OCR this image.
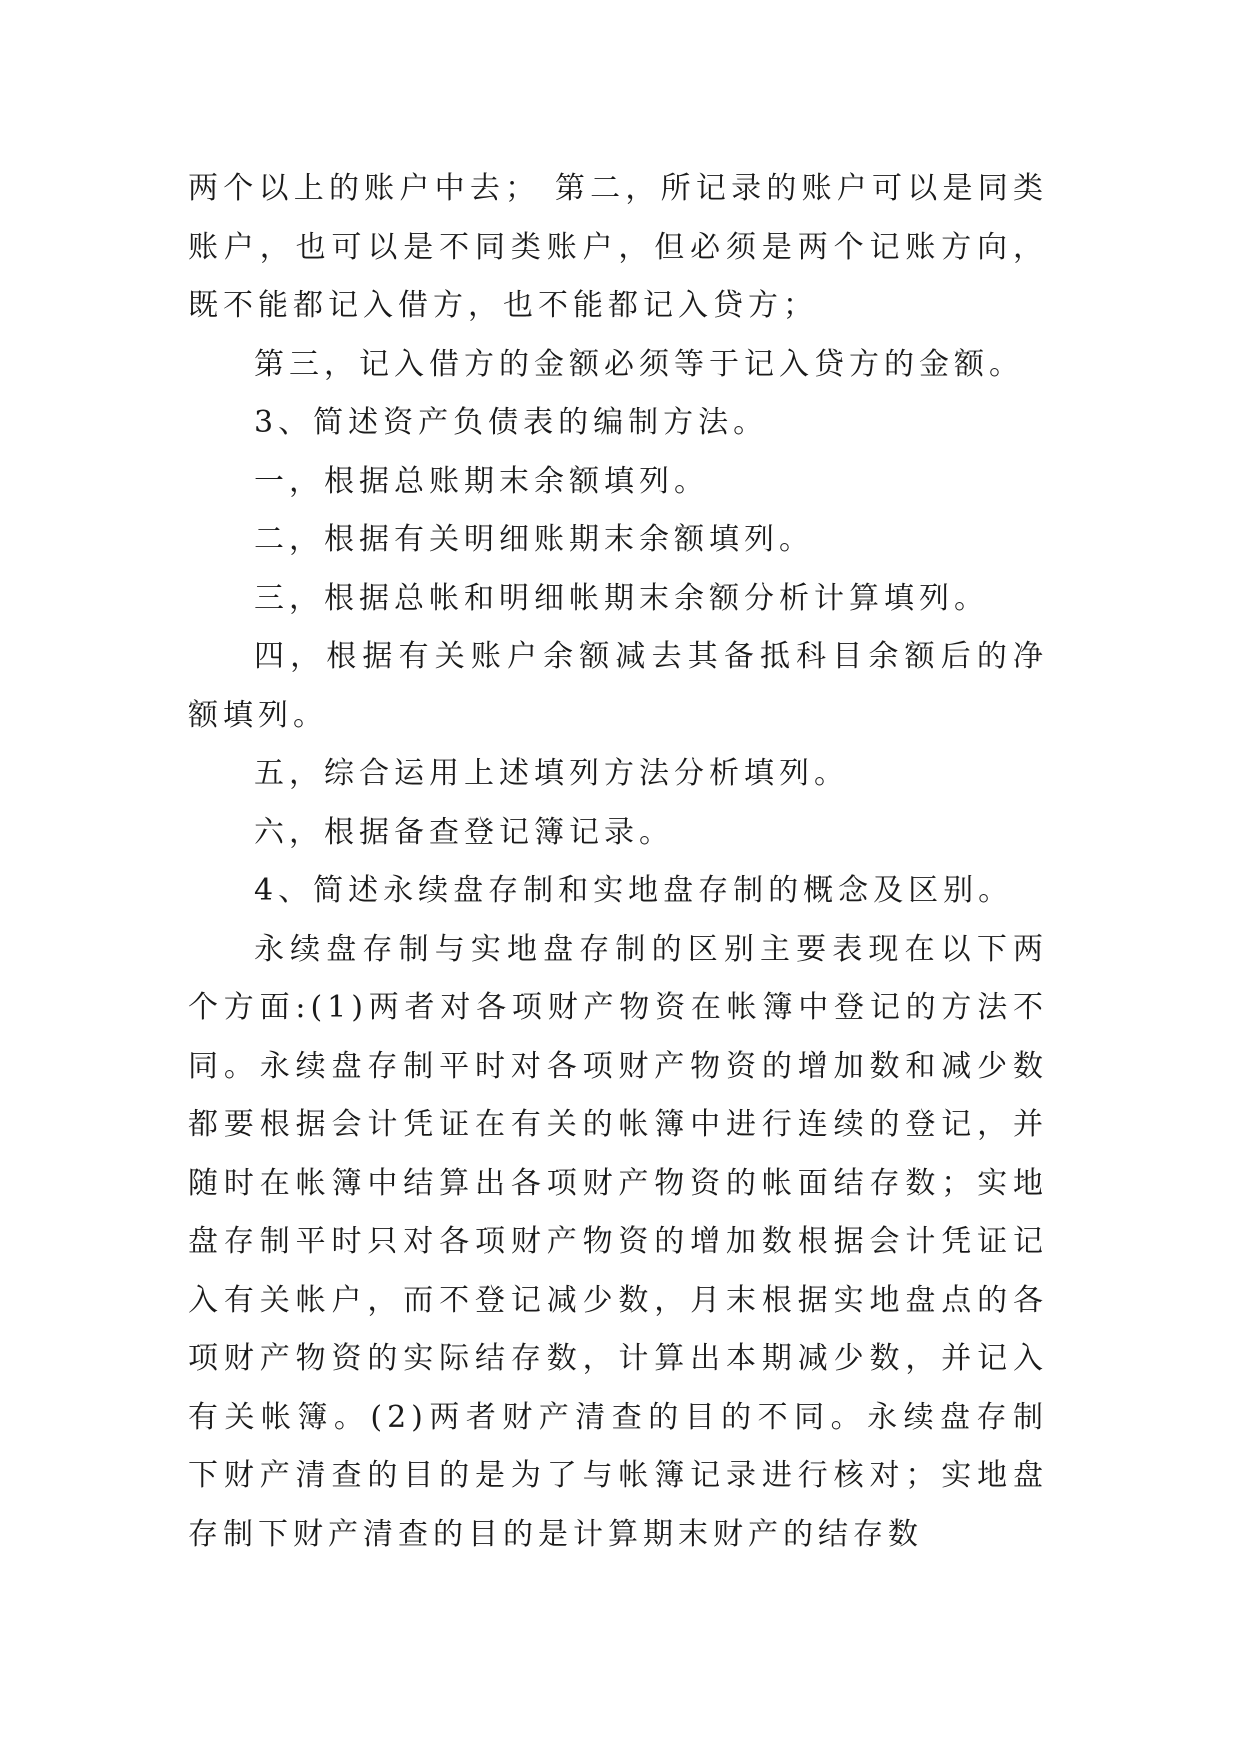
两个以上的账户中去； 第二，所记录的账户可以是同类账户，也可以是不同类账户，但必须是两个记账方向，既不能都记入借方，也不能都记入贷方；

第三，记入借方的金额必须等于记入贷方的金额。

3、简述资产负债表的编制方法。

一，根据总账期末余额填列。

二，根据有关明细账期末余额填列。

三，根据总帐和明细帐期末余额分析计算填列。

四，根据有关账户余额减去其备抵科目余额后的净额填列。

五，综合运用上述填列方法分析填列。

六，根据备查登记簿记录。

4、简述永续盘存制和实地盘存制的概念及区别。

永续盘存制与实地盘存制的区别主要表现在以下两个方面:(1)两者对各项财产物资在帐簿中登记的方法不同。永续盘存制平时对各项财产物资的增加数和减少数都要根据会计凭证在有关的帐簿中进行连续的登记，并随时在帐簿中结算出各项财产物资的帐面结存数；实地盘存制平时只对各项财产物资的增加数根据会计凭证记入有关帐户，而不登记减少数，月末根据实地盘点的各项财产物资的实际结存数，计算出本期减少数，并记入有关帐簿。(2)两者财产清查的目的不同。永续盘存制下财产清查的目的是为了与帐簿记录进行核对；实地盘存制下财产清查的目的是计算期末财产的结存数
